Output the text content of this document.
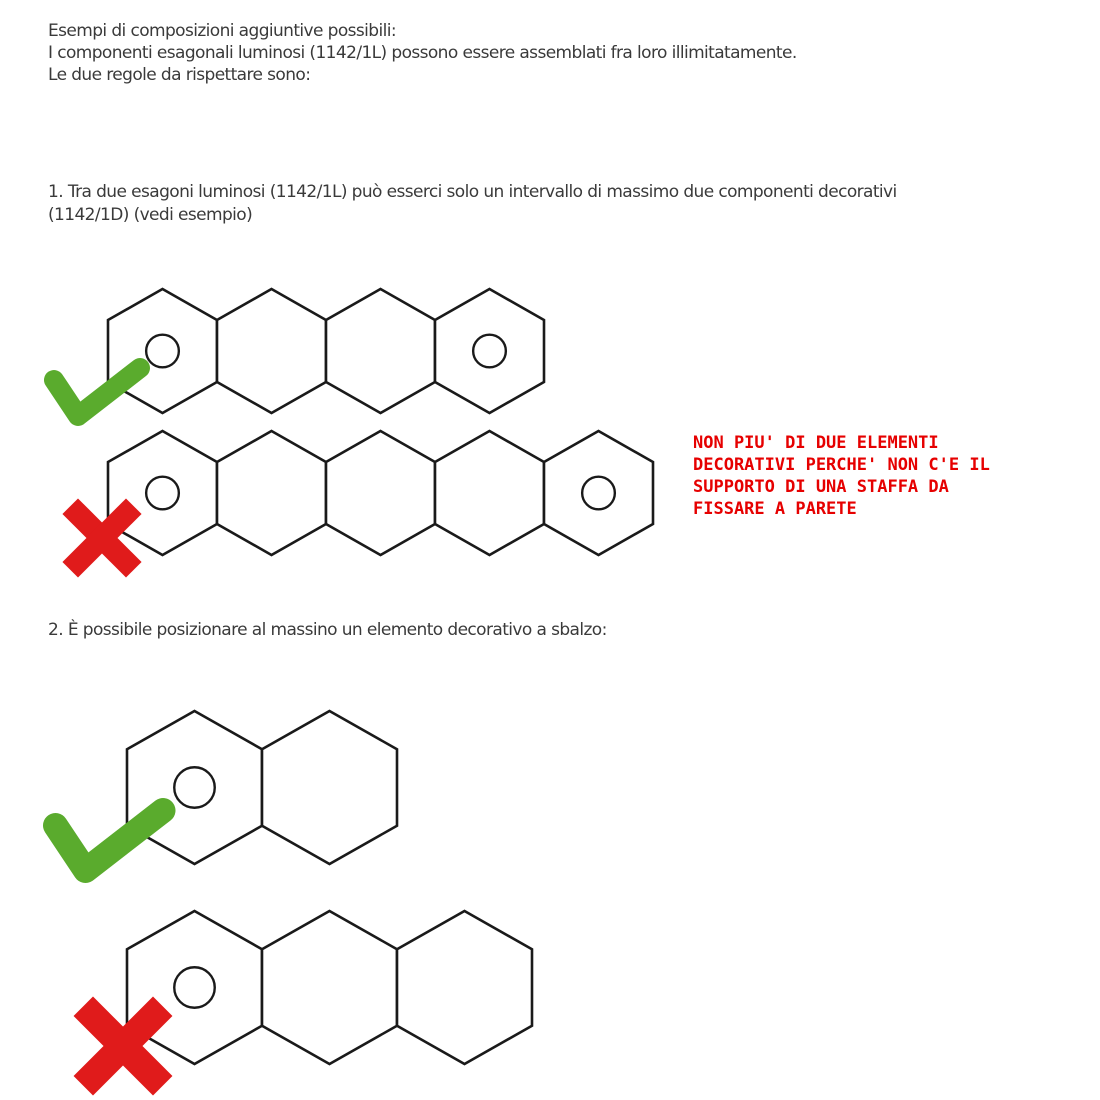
Esempi di composizioni aggiuntive possibili:
I componenti esagonali luminosi (1142/1L) possono essere assemblati fra loro illimitatamente.
Le due regole da rispettare sono:
1. Tra due esagoni luminosi (1142/1L) può esserci solo un intervallo di massimo due componenti decorativi (1142/1D) (vedi esempio)
NON PIU' DI DUE ELEMENTI
DECORATIVI PERCHE' NON C'E IL
SUPPORTO DI UNA STAFFA DA
FISSARE A PARETE
2. È possibile posizionare al massino un elemento decorativo a sbalzo:
